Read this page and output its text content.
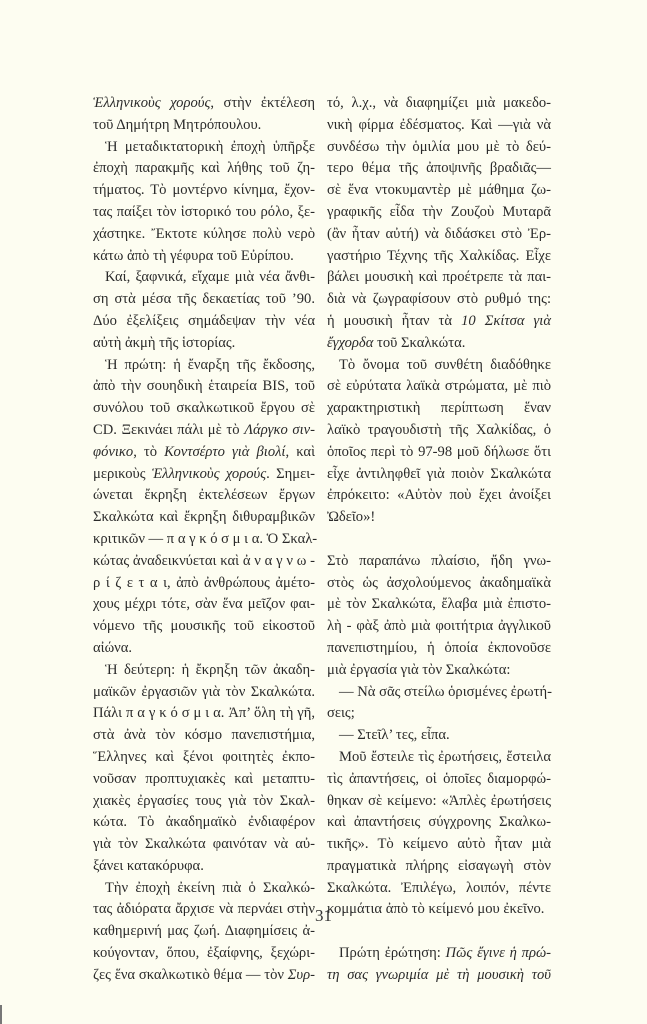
Ἑλληνικοὺς χορούς, στὴν ἐκτέλεση
τοῦ Δημήτρη Μητρόπουλου.
Ἡ μεταδικτατορικὴ ἐποχὴ ὑπῆρξε
ἐποχὴ παρακμῆς καὶ λήθης τοῦ ζη-
τήματος. Τὸ μοντέρνο κίνημα, ἔχον-
τας παίξει τὸν ἱστορικό του ρόλο, ξε-
χάστηκε. Ἔκτοτε κύλησε πολὺ νερὸ
κάτω ἀπὸ τὴ γέφυρα τοῦ Εὐρίπου.
Καί, ξαφνικά, εἴχαμε μιὰ νέα ἄνθι-
ση στὰ μέσα τῆς δεκαετίας τοῦ ’90.
Δύο ἐξελίξεις σημάδεψαν τὴν νέα
αὐτὴ ἀκμὴ τῆς ἱστορίας.
Ἡ πρώτη: ἡ ἔναρξη τῆς ἔκδοσης,
ἀπὸ τὴν σουηδικὴ ἑταιρεία BIS, τοῦ
συνόλου τοῦ σκαλκωτικοῦ ἔργου σὲ
CD. Ξεκινάει πάλι μὲ τὸ Λάργκο σιν-
φόνικο, τὸ Κοντσέρτο γιὰ βιολί, καὶ
μερικοὺς Ἑλληνικοὺς χορούς. Σημει-
ώνεται ἔκρηξη ἐκτελέσεων ἔργων
Σκαλκώτα καὶ ἔκρηξη διθυραμβικῶν
κριτικῶν — π α γ κ ό σ μ ι α. Ὁ Σκαλ-
κώτας ἀναδεικνύεται καὶ ἀ ν α γ ν ω -
ρ ί ζ ε τ α ι, ἀπὸ ἀνθρώπους ἀμέτο-
χους μέχρι τότε, σὰν ἕνα μεῖζον φαι-
νόμενο τῆς μουσικῆς τοῦ εἰκοστοῦ
αἰώνα.
Ἡ δεύτερη: ἡ ἔκρηξη τῶν ἀκαδη-
μαϊκῶν ἐργασιῶν γιὰ τὸν Σκαλκώτα.
Πάλι π α γ κ ό σ μ ι α. Ἀπ’ ὅλη τὴ γῆ,
στὰ ἀνὰ τὸν κόσμο πανεπιστήμια,
Ἕλληνες καὶ ξένοι φοιτητὲς ἐκπο-
νοῦσαν προπτυχιακὲς καὶ μεταπτυ-
χιακὲς ἐργασίες τους γιὰ τὸν Σκαλ-
κώτα. Τὸ ἀκαδημαϊκὸ ἐνδιαφέρον
γιὰ τὸν Σκαλκώτα φαινόταν νὰ αὐ-
ξάνει κατακόρυφα.
Τὴν ἐποχὴ ἐκείνη πιὰ ὁ Σκαλκώ-
τας ἀδιόρατα ἄρχισε νὰ περνάει στὴν
καθημερινή μας ζωή. Διαφημίσεις ἀ-
κούγονταν, ὅπου, ἐξαίφνης, ξεχώρι-
ζες ἕνα σκαλκωτικὸ θέμα — τὸν Συρ-
τό, λ.χ., νὰ διαφημίζει μιὰ μακεδο-
νικὴ φίρμα ἐδέσματος. Καὶ —γιὰ νὰ
συνδέσω τὴν ὁμιλία μου μὲ τὸ δεύ-
τερο θέμα τῆς ἀποψινῆς βραδιᾶς—
σὲ ἕνα ντοκυμαντὲρ μὲ μάθημα ζω-
γραφικῆς εἶδα τὴν Ζουζοὺ Μυταρᾶ
(ἂν ἦταν αὐτή) νὰ διδάσκει στὸ Ἐρ-
γαστήριο Τέχνης τῆς Χαλκίδας. Εἶχε
βάλει μουσικὴ καὶ προέτρεπε τὰ παι-
διὰ νὰ ζωγραφίσουν στὸ ρυθμό της:
ἡ μουσικὴ ἦταν τὰ 10 Σκίτσα γιὰ
ἔγχορδα τοῦ Σκαλκώτα.
Τὸ ὄνομα τοῦ συνθέτη διαδόθηκε
σὲ εὐρύτατα λαϊκὰ στρώματα, μὲ πιὸ
χαρακτηριστικὴ περίπτωση ἕναν
λαϊκὸ τραγουδιστὴ τῆς Χαλκίδας, ὁ
ὁποῖος περὶ τὸ 97-98 μοῦ δήλωσε ὅτι
εἶχε ἀντιληφθεῖ γιὰ ποιὸν Σκαλκώτα
ἐπρόκειτο: «Αὐτὸν ποὺ ἔχει ἀνοίξει
Ὠδεῖο»!
Στὸ παραπάνω πλαίσιο, ἤδη γνω-
στὸς ὡς ἀσχολούμενος ἀκαδημαϊκὰ
μὲ τὸν Σκαλκώτα, ἔλαβα μιὰ ἐπιστο-
λὴ - φὰξ ἀπὸ μιὰ φοιτήτρια ἀγγλικοῦ
πανεπιστημίου, ἡ ὁποία ἐκπονοῦσε
μιὰ ἐργασία γιὰ τὸν Σκαλκώτα:
— Νὰ σᾶς στείλω ὁρισμένες ἐρωτή-
σεις;
— Στεῖλ’ τες, εἶπα.
Μοῦ ἔστειλε τὶς ἐρωτήσεις, ἔστειλα
τὶς ἀπαντήσεις, οἱ ὁποῖες διαμορφώ-
θηκαν σὲ κείμενο: «Ἁπλὲς ἐρωτήσεις
καὶ ἀπαντήσεις σύγχρονης Σκαλκω-
τικῆς». Τὸ κείμενο αὐτὸ ἦταν μιὰ
πραγματικὰ πλήρης εἰσαγωγὴ στὸν
Σκαλκώτα. Ἐπιλέγω, λοιπόν, πέντε
κομμάτια ἀπὸ τὸ κείμενό μου ἐκεῖνο.
Πρώτη ἐρώτηση: Πῶς ἔγινε ἡ πρώ-
τη σας γνωριμία μὲ τὴ μουσικὴ τοῦ
31
